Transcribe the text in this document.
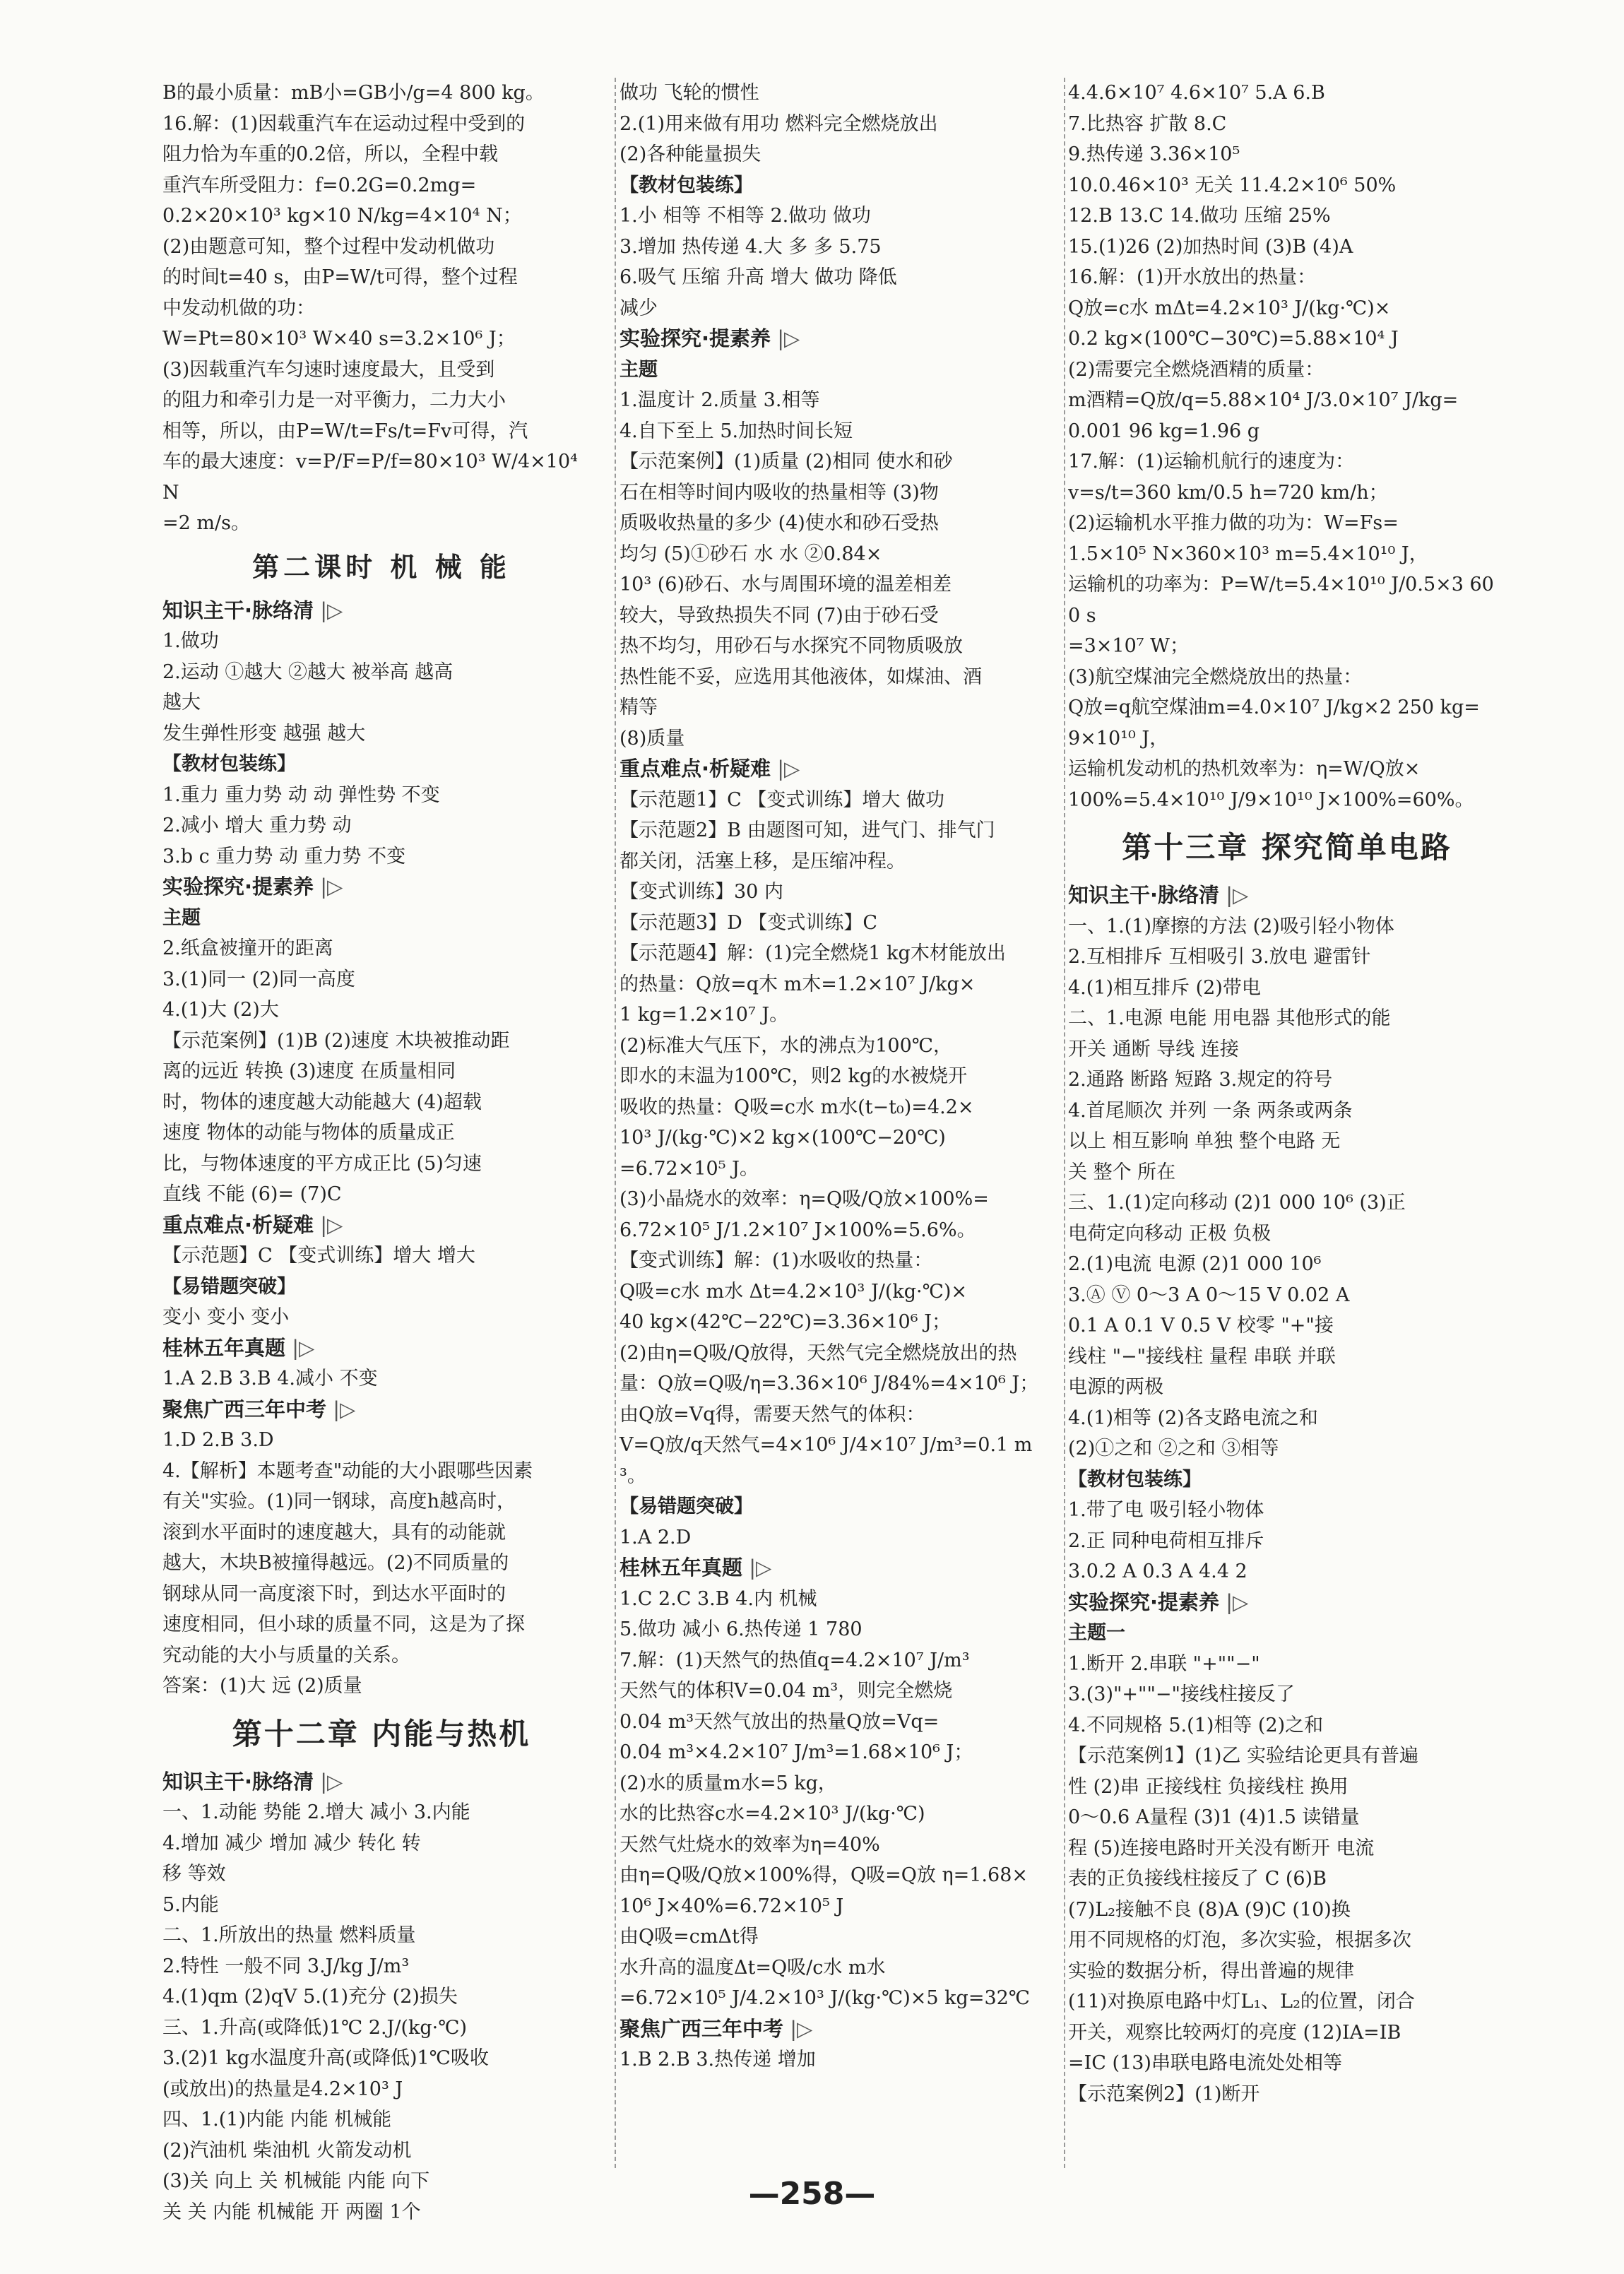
B的最小质量：mB小=GB小/g=4 800 kg。
16.解：(1)因载重汽车在运动过程中受到的
阻力恰为车重的0.2倍，所以，全程中载
重汽车所受阻力：f=0.2G=0.2mg=
0.2×20×10³ kg×10 N/kg=4×10⁴ N；
(2)由题意可知，整个过程中发动机做功
的时间t=40 s，由P=W/t可得，整个过程
中发动机做的功：
W=Pt=80×10³ W×40 s=3.2×10⁶ J；
(3)因载重汽车匀速时速度最大，且受到
的阻力和牵引力是一对平衡力，二力大小
相等，所以，由P=W/t=Fs/t=Fv可得，汽
车的最大速度：v=P/F=P/f=80×10³ W/4×10⁴ N
=2 m/s。
第二课时 机 械 能
知识主干·脉络清 |▷
1.做功
2.运动 ①越大 ②越大 被举高 越高
越大
发生弹性形变 越强 越大
【教材包装练】
1.重力 重力势 动 动 弹性势 不变
2.减小 增大 重力势 动
3.b c 重力势 动 重力势 不变
实验探究·提素养 |▷
主题
2.纸盒被撞开的距离
3.(1)同一 (2)同一高度
4.(1)大 (2)大
【示范案例】(1)B (2)速度 木块被推动距
离的远近 转换 (3)速度 在质量相同
时，物体的速度越大动能越大 (4)超载
速度 物体的动能与物体的质量成正
比，与物体速度的平方成正比 (5)匀速
直线 不能 (6)= (7)C
重点难点·析疑难 |▷
【示范题】C 【变式训练】增大 增大
【易错题突破】
变小 变小 变小
桂林五年真题 |▷
1.A 2.B 3.B 4.减小 不变
聚焦广西三年中考 |▷
1.D 2.B 3.D
4.【解析】本题考查"动能的大小跟哪些因素
有关"实验。(1)同一钢球，高度h越高时，
滚到水平面时的速度越大，具有的动能就
越大，木块B被撞得越远。(2)不同质量的
钢球从同一高度滚下时，到达水平面时的
速度相同，但小球的质量不同，这是为了探
究动能的大小与质量的关系。
答案：(1)大 远 (2)质量
第十二章 内能与热机
知识主干·脉络清 |▷
一、1.动能 势能 2.增大 减小 3.内能
4.增加 减少 增加 减少 转化 转
移 等效
5.内能
二、1.所放出的热量 燃料质量
2.特性 一般不同 3.J/kg J/m³
4.(1)qm (2)qV 5.(1)充分 (2)损失
三、1.升高(或降低)1℃ 2.J/(kg·℃)
3.(2)1 kg水温度升高(或降低)1℃吸收
(或放出)的热量是4.2×10³ J
四、1.(1)内能 内能 机械能
(2)汽油机 柴油机 火箭发动机
(3)关 向上 关 机械能 内能 向下
关 关 内能 机械能 开 两圈 1个
做功 飞轮的惯性
2.(1)用来做有用功 燃料完全燃烧放出
(2)各种能量损失
【教材包装练】
1.小 相等 不相等 2.做功 做功
3.增加 热传递 4.大 多 多 5.75
6.吸气 压缩 升高 增大 做功 降低
减少
实验探究·提素养 |▷
主题
1.温度计 2.质量 3.相等
4.自下至上 5.加热时间长短
【示范案例】(1)质量 (2)相同 使水和砂
石在相等时间内吸收的热量相等 (3)物
质吸收热量的多少 (4)使水和砂石受热
均匀 (5)①砂石 水 水 ②0.84×
10³ (6)砂石、水与周围环境的温差相差
较大，导致热损失不同 (7)由于砂石受
热不均匀，用砂石与水探究不同物质吸放
热性能不妥，应选用其他液体，如煤油、酒
精等
(8)质量
重点难点·析疑难 |▷
【示范题1】C 【变式训练】增大 做功
【示范题2】B 由题图可知，进气门、排气门
都关闭，活塞上移，是压缩冲程。
【变式训练】30 内
【示范题3】D 【变式训练】C
【示范题4】解：(1)完全燃烧1 kg木材能放出
的热量：Q放=q木 m木=1.2×10⁷ J/kg×
1 kg=1.2×10⁷ J。
(2)标准大气压下，水的沸点为100℃，
即水的末温为100℃，则2 kg的水被烧开
吸收的热量：Q吸=c水 m水(t−t₀)=4.2×
10³ J/(kg·℃)×2 kg×(100℃−20℃)
=6.72×10⁵ J。
(3)小晶烧水的效率：η=Q吸/Q放×100%=
6.72×10⁵ J/1.2×10⁷ J×100%=5.6%。
【变式训练】解：(1)水吸收的热量：
Q吸=c水 m水 Δt=4.2×10³ J/(kg·℃)×
40 kg×(42℃−22℃)=3.36×10⁶ J；
(2)由η=Q吸/Q放得，天然气完全燃烧放出的热
量：Q放=Q吸/η=3.36×10⁶ J/84%=4×10⁶ J；
由Q放=Vq得，需要天然气的体积：
V=Q放/q天然气=4×10⁶ J/4×10⁷ J/m³=0.1 m³。
【易错题突破】
1.A 2.D
桂林五年真题 |▷
1.C 2.C 3.B 4.内 机械
5.做功 减小 6.热传递 1 780
7.解：(1)天然气的热值q=4.2×10⁷ J/m³
天然气的体积V=0.04 m³，则完全燃烧
0.04 m³天然气放出的热量Q放=Vq=
0.04 m³×4.2×10⁷ J/m³=1.68×10⁶ J；
(2)水的质量m水=5 kg，
水的比热容c水=4.2×10³ J/(kg·℃)
天然气灶烧水的效率为η=40%
由η=Q吸/Q放×100%得，Q吸=Q放 η=1.68×
10⁶ J×40%=6.72×10⁵ J
由Q吸=cmΔt得
水升高的温度Δt=Q吸/c水 m水
=6.72×10⁵ J/4.2×10³ J/(kg·℃)×5 kg=32℃
聚焦广西三年中考 |▷
1.B 2.B 3.热传递 增加
4.4.6×10⁷ 4.6×10⁷ 5.A 6.B
7.比热容 扩散 8.C
9.热传递 3.36×10⁵
10.0.46×10³ 无关 11.4.2×10⁶ 50%
12.B 13.C 14.做功 压缩 25%
15.(1)26 (2)加热时间 (3)B (4)A
16.解：(1)开水放出的热量：
Q放=c水 mΔt=4.2×10³ J/(kg·℃)×
0.2 kg×(100℃−30℃)=5.88×10⁴ J
(2)需要完全燃烧酒精的质量：
m酒精=Q放/q=5.88×10⁴ J/3.0×10⁷ J/kg=
0.001 96 kg=1.96 g
17.解：(1)运输机航行的速度为：
v=s/t=360 km/0.5 h=720 km/h；
(2)运输机水平推力做的功为：W=Fs=
1.5×10⁵ N×360×10³ m=5.4×10¹⁰ J，
运输机的功率为：P=W/t=5.4×10¹⁰ J/0.5×3 600 s
=3×10⁷ W；
(3)航空煤油完全燃烧放出的热量：
Q放=q航空煤油m=4.0×10⁷ J/kg×2 250 kg=
9×10¹⁰ J，
运输机发动机的热机效率为：η=W/Q放×
100%=5.4×10¹⁰ J/9×10¹⁰ J×100%=60%。
第十三章 探究简单电路
知识主干·脉络清 |▷
一、1.(1)摩擦的方法 (2)吸引轻小物体
2.互相排斥 互相吸引 3.放电 避雷针
4.(1)相互排斥 (2)带电
二、1.电源 电能 用电器 其他形式的能
开关 通断 导线 连接
2.通路 断路 短路 3.规定的符号
4.首尾顺次 并列 一条 两条或两条
以上 相互影响 单独 整个电路 无
关 整个 所在
三、1.(1)定向移动 (2)1 000 10⁶ (3)正
电荷定向移动 正极 负极
2.(1)电流 电源 (2)1 000 10⁶
3.Ⓐ Ⓥ 0～3 A 0～15 V 0.02 A
0.1 A 0.1 V 0.5 V 校零 "+"接
线柱 "−"接线柱 量程 串联 并联
电源的两极
4.(1)相等 (2)各支路电流之和
(2)①之和 ②之和 ③相等
【教材包装练】
1.带了电 吸引轻小物体
2.正 同种电荷相互排斥
3.0.2 A 0.3 A 4.4 2
实验探究·提素养 |▷
主题一
1.断开 2.串联 "+""−"
3.(3)"+""−"接线柱接反了
4.不同规格 5.(1)相等 (2)之和
【示范案例1】(1)乙 实验结论更具有普遍
性 (2)串 正接线柱 负接线柱 换用
0～0.6 A量程 (3)1 (4)1.5 读错量
程 (5)连接电路时开关没有断开 电流
表的正负接线柱接反了 C (6)B
(7)L₂接触不良 (8)A (9)C (10)换
用不同规格的灯泡，多次实验，根据多次
实验的数据分析，得出普遍的规律
(11)对换原电路中灯L₁、L₂的位置，闭合
开关，观察比较两灯的亮度 (12)IA=IB
=IC (13)串联电路电流处处相等
【示范案例2】(1)断开
—258—
